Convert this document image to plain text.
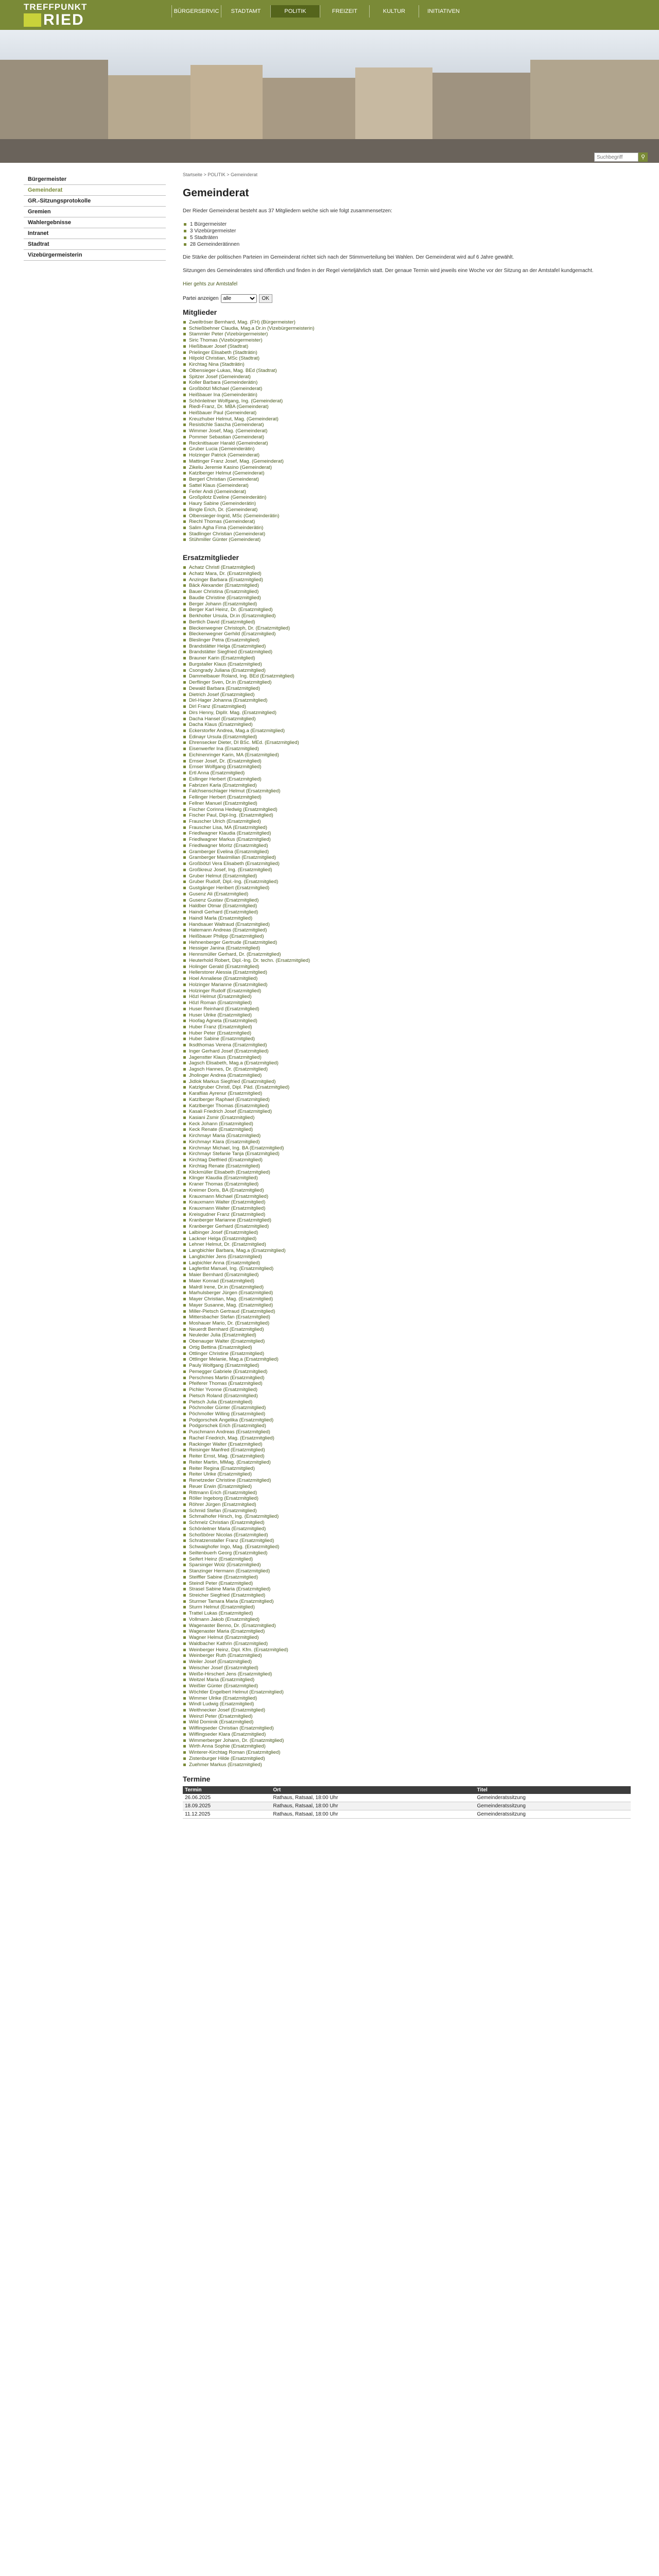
TREFFPUNKT
RIED	BÜRGERSERVIC	STADTAMT	POLITIK	FREIZEIT	KULTUR	INITIATIVEN
Suchbegriff
⚲
Bürgermeister
Gemeinderat
GR.-Sitzungsprotokolle
Gremien
Wahlergebnisse
Intranet
Stadtrat
Vizebürgermeisterin
Startseite > POLITIK > Gemeinderat
Gemeinderat

Der Rieder Gemeinderat besteht aus 37 Mitgliedern welche sich wie folgt zusammensetzen:

1 Bürgermeister
3 Vizebürgermeister
5 Stadträten
28 Gemeinderätinnen

Die Stärke der politischen Parteien im Gemeinderat richtet sich nach der Stimmverteilung bei Wahlen. Der Gemeinderat wird auf 6 Jahre gewählt.

Sitzungen des Gemeinderates sind öffentlich und finden in der Regel vierteljährlich statt. Der genaue Termin wird jeweils eine Woche vor der Sitzung an der Amtstafel kundgemacht.

Hier gehts zur Amtstafel

Partei anzeigen
alle	OK
Mitglieder
Zweiltröser Bernhard, Mag. (FH) (Bürgermeister)
Schießbehner Claudia, Mag.a Dr.in (Vizebürgermeisterin)
Stammler Peter (Vizebürgermeister)
Siric Thomas (Vizebürgermeister)
Hießlbauer Josef (Stadtrat)
Prielinger Elisabeth (Stadträtin)
Hilpold Christian, MSc (Stadtrat)
Kirchtag Nina (Stadträtin)
Olbensieger-Lukas, Mag. BEd (Stadtrat)
Spitzer Josef (Gemeinderat)
Koller Barbara (Gemeinderätin)
Großbötzl Michael (Gemeinderat)
Heißbauer Ina (Gemeinderätin)
Schönleitner Wolfgang, Ing. (Gemeinderat)
Riedl-Franz, Dr. MBA (Gemeinderat)
Heißbauer Paul (Gemeinderat)
Kreuzhuber Helmut, Mag. (Gemeinderat)
Resistichle Sascha (Gemeinderat)
Wimmer Josef, Mag. (Gemeinderat)
Pommer Sebastian (Gemeinderat)
Recknitlsauer Harald (Gemeinderat)
Gruber Lucia (Gemeinderätin)
Holzinger Patrick (Gemeinderat)
Mattinger Franz Josef, Mag. (Gemeinderat)
Zikeliu Jeremie Kasino (Gemeinderat)
Katzlberger Helmut (Gemeinderat)
Bergerl Christian (Gemeinderat)
Sattel Klaus (Gemeinderat)
Ferler Andi (Gemeinderat)
Großpilotz Eveline (Gemeinderätin)
Haury Sabine (Gemeinderätin)
Bingle Erich, Dr. (Gemeinderat)
Olbensieger-Ingrid, MSc (Gemeinderätin)
Riechl Thomas (Gemeinderat)
Salim Agha Fima (Gemeinderätin)
Stadlinger Christian (Gemeinderat)
Stühmiller Günter (Gemeinderat)
Ersatzmitglieder
Achatz Christl (Ersatzmitglied)
Achatz Mara, Dr. (Ersatzmitglied)
Anzinger Barbara (Ersatzmitglied)
Bäck Alexander (Ersatzmitglied)
Bauer Christina (Ersatzmitglied)
Baudie Christine (Ersatzmitglied)
Berger Johann (Ersatzmitglied)
Berger Karl Heinz, Dr. (Ersatzmitglied)
Berkholter Ursula, Dr.in (Ersatzmitglied)
Bertlich David (Ersatzmitglied)
Bleckenwegner Christoph, Dr. (Ersatzmitglied)
Bleckenwegner Gerhild (Ersatzmitglied)
Bleslinger Petra (Ersatzmitglied)
Brandstätter Helga (Ersatzmitglied)
Brandstätter Siegfried (Ersatzmitglied)
Brauner Karin (Ersatzmitglied)
Burgstaller Klaus (Ersatzmitglied)
Csongrady Juliana (Ersatzmitglied)
Dammelbauer Roland, Ing. BEd (Ersatzmitglied)
Derflinger Sven, Dr.in (Ersatzmitglied)
Dewald Barbara (Ersatzmitglied)
Dietrich Josef (Ersatzmitglied)
Dirl-Hager Johanna (Ersatzmitglied)
Dirl Franz (Ersatzmitglied)
Dirs Henny, DiplIr. Mag. (Ersatzmitglied)
Dacha Hansel (Ersatzmitglied)
Dacha Klaus (Ersatzmitglied)
Eckerstorfer Andrea, Mag.a (Ersatzmitglied)
Edinayr Ursula (Ersatzmitglied)
Ehrensecker Dieter, DI BSc. MEd. (Ersatzmitglied)
Eisenwerfer Ina (Ersatzmitglied)
Eichinenringer Karin, MA (Ersatzmitglied)
Ernser Josef, Dr. (Ersatzmitglied)
Ernser Wolfgang (Ersatzmitglied)
Ertl Anna (Ersatzmitglied)
Esllinger Herbert (Ersatzmitglied)
Fabrizeri Karla (Ersatzmitglied)
Falchsenschlager Helmut (Ersatzmitglied)
Fellinger Herbert (Ersatzmitglied)
Fellner Manuel (Ersatzmitglied)
Fischer Corinna Hedwig (Ersatzmitglied)
Fischer Paul, Dipl-Ing. (Ersatzmitglied)
Frauscher Ulrich (Ersatzmitglied)
Frauscher Lisa, MA (Ersatzmitglied)
Friedlwagner Klaudia (Ersatzmitglied)
Friedlwagner Markus (Ersatzmitglied)
Friedlwagner Moritz (Ersatzmitglied)
Gramberger Evelina (Ersatzmitglied)
Gramberger Maximilian (Ersatzmitglied)
Großbötzl Vera Elisabeth (Ersatzmitglied)
Großkreuz Josef, Ing. (Ersatzmitglied)
Gruber Helmut (Ersatzmitglied)
Gruber Rudolf, Dipl.-Ing. (Ersatzmitglied)
Gustgänger Heribert (Ersatzmitglied)
Gusenz Ali (Ersatzmitglied)
Gusenz Gustav (Ersatzmitglied)
Haldber Otmar (Ersatzmitglied)
Haindl Gerhard (Ersatzmitglied)
Haindl Marla (Ersatzmitglied)
Handsauer Waltraud (Ersatzmitglied)
Hatemann Andreas (Ersatzmitglied)
Heißbauer Philipp (Ersatzmitglied)
Hehnenberger Gertrude (Ersatzmitglied)
Hessiger Janina (Ersatzmitglied)
Hennsmüller Gerhard, Dr. (Ersatzmitglied)
Heuterhold Robert, Dipl.-Ing. Dr. techn. (Ersatzmitglied)
Holinger Gerald (Ersatzmitglied)
Hellerstorer Alessia (Ersatzmitglied)
Hoel Annaliese (Ersatzmitglied)
Holzinger Marianne (Ersatzmitglied)
Holzinger Rudolf (Ersatzmitglied)
Hözl Helmut (Ersatzmitglied)
Hözl Roman (Ersatzmitglied)
Huser Reinhard (Ersatzmitglied)
Huser Ulrike (Ersatzmitglied)
Hoofag Agneta (Ersatzmitglied)
Huber Franz (Ersatzmitglied)
Huber Peter (Ersatzmitglied)
Huber Sabine (Ersatzmitglied)
Iksdthomas Verena (Ersatzmitglied)
Inger Gerhard Josef (Ersatzmitglied)
Jagenstter Klaus (Ersatzmitglied)
Jagsch Elisabeth, Mag.a (Ersatzmitglied)
Jagsch Hannes, Dr. (Ersatzmitglied)
Jholinger Andrea (Ersatzmitglied)
Jidlok Markus Siegfried (Ersatzmitglied)
Katzlgruber Christl, Dipl. Päd. (Ersatzmitglied)
Karaflias Ayrenur (Ersatzmitglied)
Katzlberger Raphael (Ersatzmitglied)
Katzlberger Thomas (Ersatzmitglied)
Kasali Friedrich Josef (Ersatzmitglied)
Kasiani Zsmir (Ersatzmitglied)
Keck Johann (Ersatzmitglied)
Keck Renate (Ersatzmitglied)
Kirchmayr Maria (Ersatzmitglied)
Kirchmayr Klara (Ersatzmitglied)
Kirchmayr Michael, Ing. BA (Ersatzmitglied)
Kirchmayr Stefanie Tanja (Ersatzmitglied)
Kirchtag Dietfried (Ersatzmitglied)
Kirchtag Renate (Ersatzmitglied)
Klickmüller Elisabeth (Ersatzmitglied)
Klinger Klaudia (Ersatzmitglied)
Kraner Thomas (Ersatzmitglied)
Kreimer Doris, BA (Ersatzmitglied)
Krauxmann Michael (Ersatzmitglied)
Krauxmann Walter (Ersatzmitglied)
Krauxmann Walter (Ersatzmitglied)
Kreisgudner Franz (Ersatzmitglied)
Kranberger Marianne (Ersatzmitglied)
Kranberger Gerhard (Ersatzmitglied)
Lalbinger Josef (Ersatzmitglied)
Lackner Helga (Ersatzmitglied)
Lehner Helmut, Dr. (Ersatzmitglied)
Langbichler Barbara, Mag.a (Ersatzmitglied)
Langbichler Jens (Ersatzmitglied)
Laqbichler Anna (Ersatzmitglied)
Lagfertlst Manuel, Ing. (Ersatzmitglied)
Maier Bernhard (Ersatzmitglied)
Maier Konrad (Ersatzmitglied)
Malrdl Irene, Dr.in (Ersatzmitglied)
Marhulsberger Jürgen (Ersatzmitglied)
Mayer Christian, Mag. (Ersatzmitglied)
Mayer Susanne, Mag. (Ersatzmitglied)
Miller-Pietsch Gertraud (Ersatzmitglied)
Mittersbacher Stefan (Ersatzmitglied)
Moshauer Mario, Dr. (Ersatzmitglied)
Neuerdt Bernhard (Ersatzmitglied)
Neuleder Julia (Ersatzmitglied)
Obenauger Walter (Ersatzmitglied)
Ortig Bettina (Ersatzmitglied)
Ottlinger Christine (Ersatzmitglied)
Ottlinger Melanie, Mag.a (Ersatzmitglied)
Pauly Wolfgang (Ersatzmitglied)
Pemegger Gabriele (Ersatzmitglied)
Perschmes Martin (Ersatzmitglied)
Pfeiferer Thomas (Ersatzmitglied)
Pichler Yvonne (Ersatzmitglied)
Pietsch Roland (Ersatzmitglied)
Pietsch Julia (Ersatzmitglied)
Pöchmoller Günter (Ersatzmitglied)
Pöchmoller Willing (Ersatzmitglied)
Podgorschek Angelika (Ersatzmitglied)
Podgorschek Erich (Ersatzmitglied)
Puschmann Andreas (Ersatzmitglied)
Rachel Friedrich, Mag. (Ersatzmitglied)
Rackinger Walter (Ersatzmitglied)
Reisinger Manfred (Ersatzmitglied)
Reiter Ernst, Mag. (Ersatzmitglied)
Reiter Martin, MMag. (Ersatzmitglied)
Reiter Regina (Ersatzmitglied)
Reiter Ulrike (Ersatzmitglied)
Renetzeder Christine (Ersatzmitglied)
Reuer Erwin (Ersatzmitglied)
Rittmann Erich (Ersatzmitglied)
Röller Ingeborg (Ersatzmitglied)
Röhrer Jürgen (Ersatzmitglied)
Schmid Stefan (Ersatzmitglied)
Schmalhofer Hirsch, Ing. (Ersatzmitglied)
Schmelz Christian (Ersatzmitglied)
Schönleitner Maria (Ersatzmitglied)
Schoßbörer Nicolas (Ersatzmitglied)
Schratzenstaller Franz (Ersatzmitglied)
Schwaighofer Ingo, Mag. (Ersatzmitglied)
Seiltenbuerh Georg (Ersatzmitglied)
Seifert Heinz (Ersatzmitglied)
Sparsinger Wolz (Ersatzmitglied)
Stanzinger Hermann (Ersatzmitglied)
Steiffler Sabine (Ersatzmitglied)
Steindl Peter (Ersatzmitglied)
Strasel Sabine Maria (Ersatzmitglied)
Streicher Siegfried (Ersatzmitglied)
Sturmer Tamara Maria (Ersatzmitglied)
Sturm Helmut (Ersatzmitglied)
Trattel Lukas (Ersatzmitglied)
Vollmann Jakob (Ersatzmitglied)
Wagenaster Benno, Dr. (Ersatzmitglied)
Wagenaster Maria (Ersatzmitglied)
Wagner Helmut (Ersatzmitglied)
Waldbacher Kathrin (Ersatzmitglied)
Weinberger Heinz, Dipl. Kfm. (Ersatzmitglied)
Weinberger Ruth (Ersatzmitglied)
Weiler Josef (Ersatzmitglied)
Weischer Josef (Ersatzmitglied)
Weiße-Hirschert Jens (Ersatzmitglied)
Weitzel Maria (Ersatzmitglied)
Weißler Günter (Ersatzmitglied)
Wöchtler Engelbert Helmut (Ersatzmitglied)
Wimmer Ulrike (Ersatzmitglied)
Windl Ludwig (Ersatzmitglied)
Weithnecker Josef (Ersatzmitglied)
Weinzl Peter (Ersatzmitglied)
Wild Dominik (Ersatzmitglied)
Wilflingseder Christian (Ersatzmitglied)
Wilflingseder Klara (Ersatzmitglied)
Wimmerberger Johann, Dr. (Ersatzmitglied)
Wirth Anna Sophie (Ersatzmitglied)
Winterer-Kirchtag Roman (Ersatzmitglied)
Zistenburger Hilde (Ersatzmitglied)
Zuehmer Markus (Ersatzmitglied)
Termine
Termin	Ort	Titel
26.06.2025	Rathaus, Ratsaal, 18:00 Uhr	Gemeinderatssitzung
18.09.2025	Rathaus, Ratsaal, 18:00 Uhr	Gemeinderatssitzung
11.12.2025	Rathaus, Ratsaal, 18:00 Uhr	Gemeinderatssitzung
